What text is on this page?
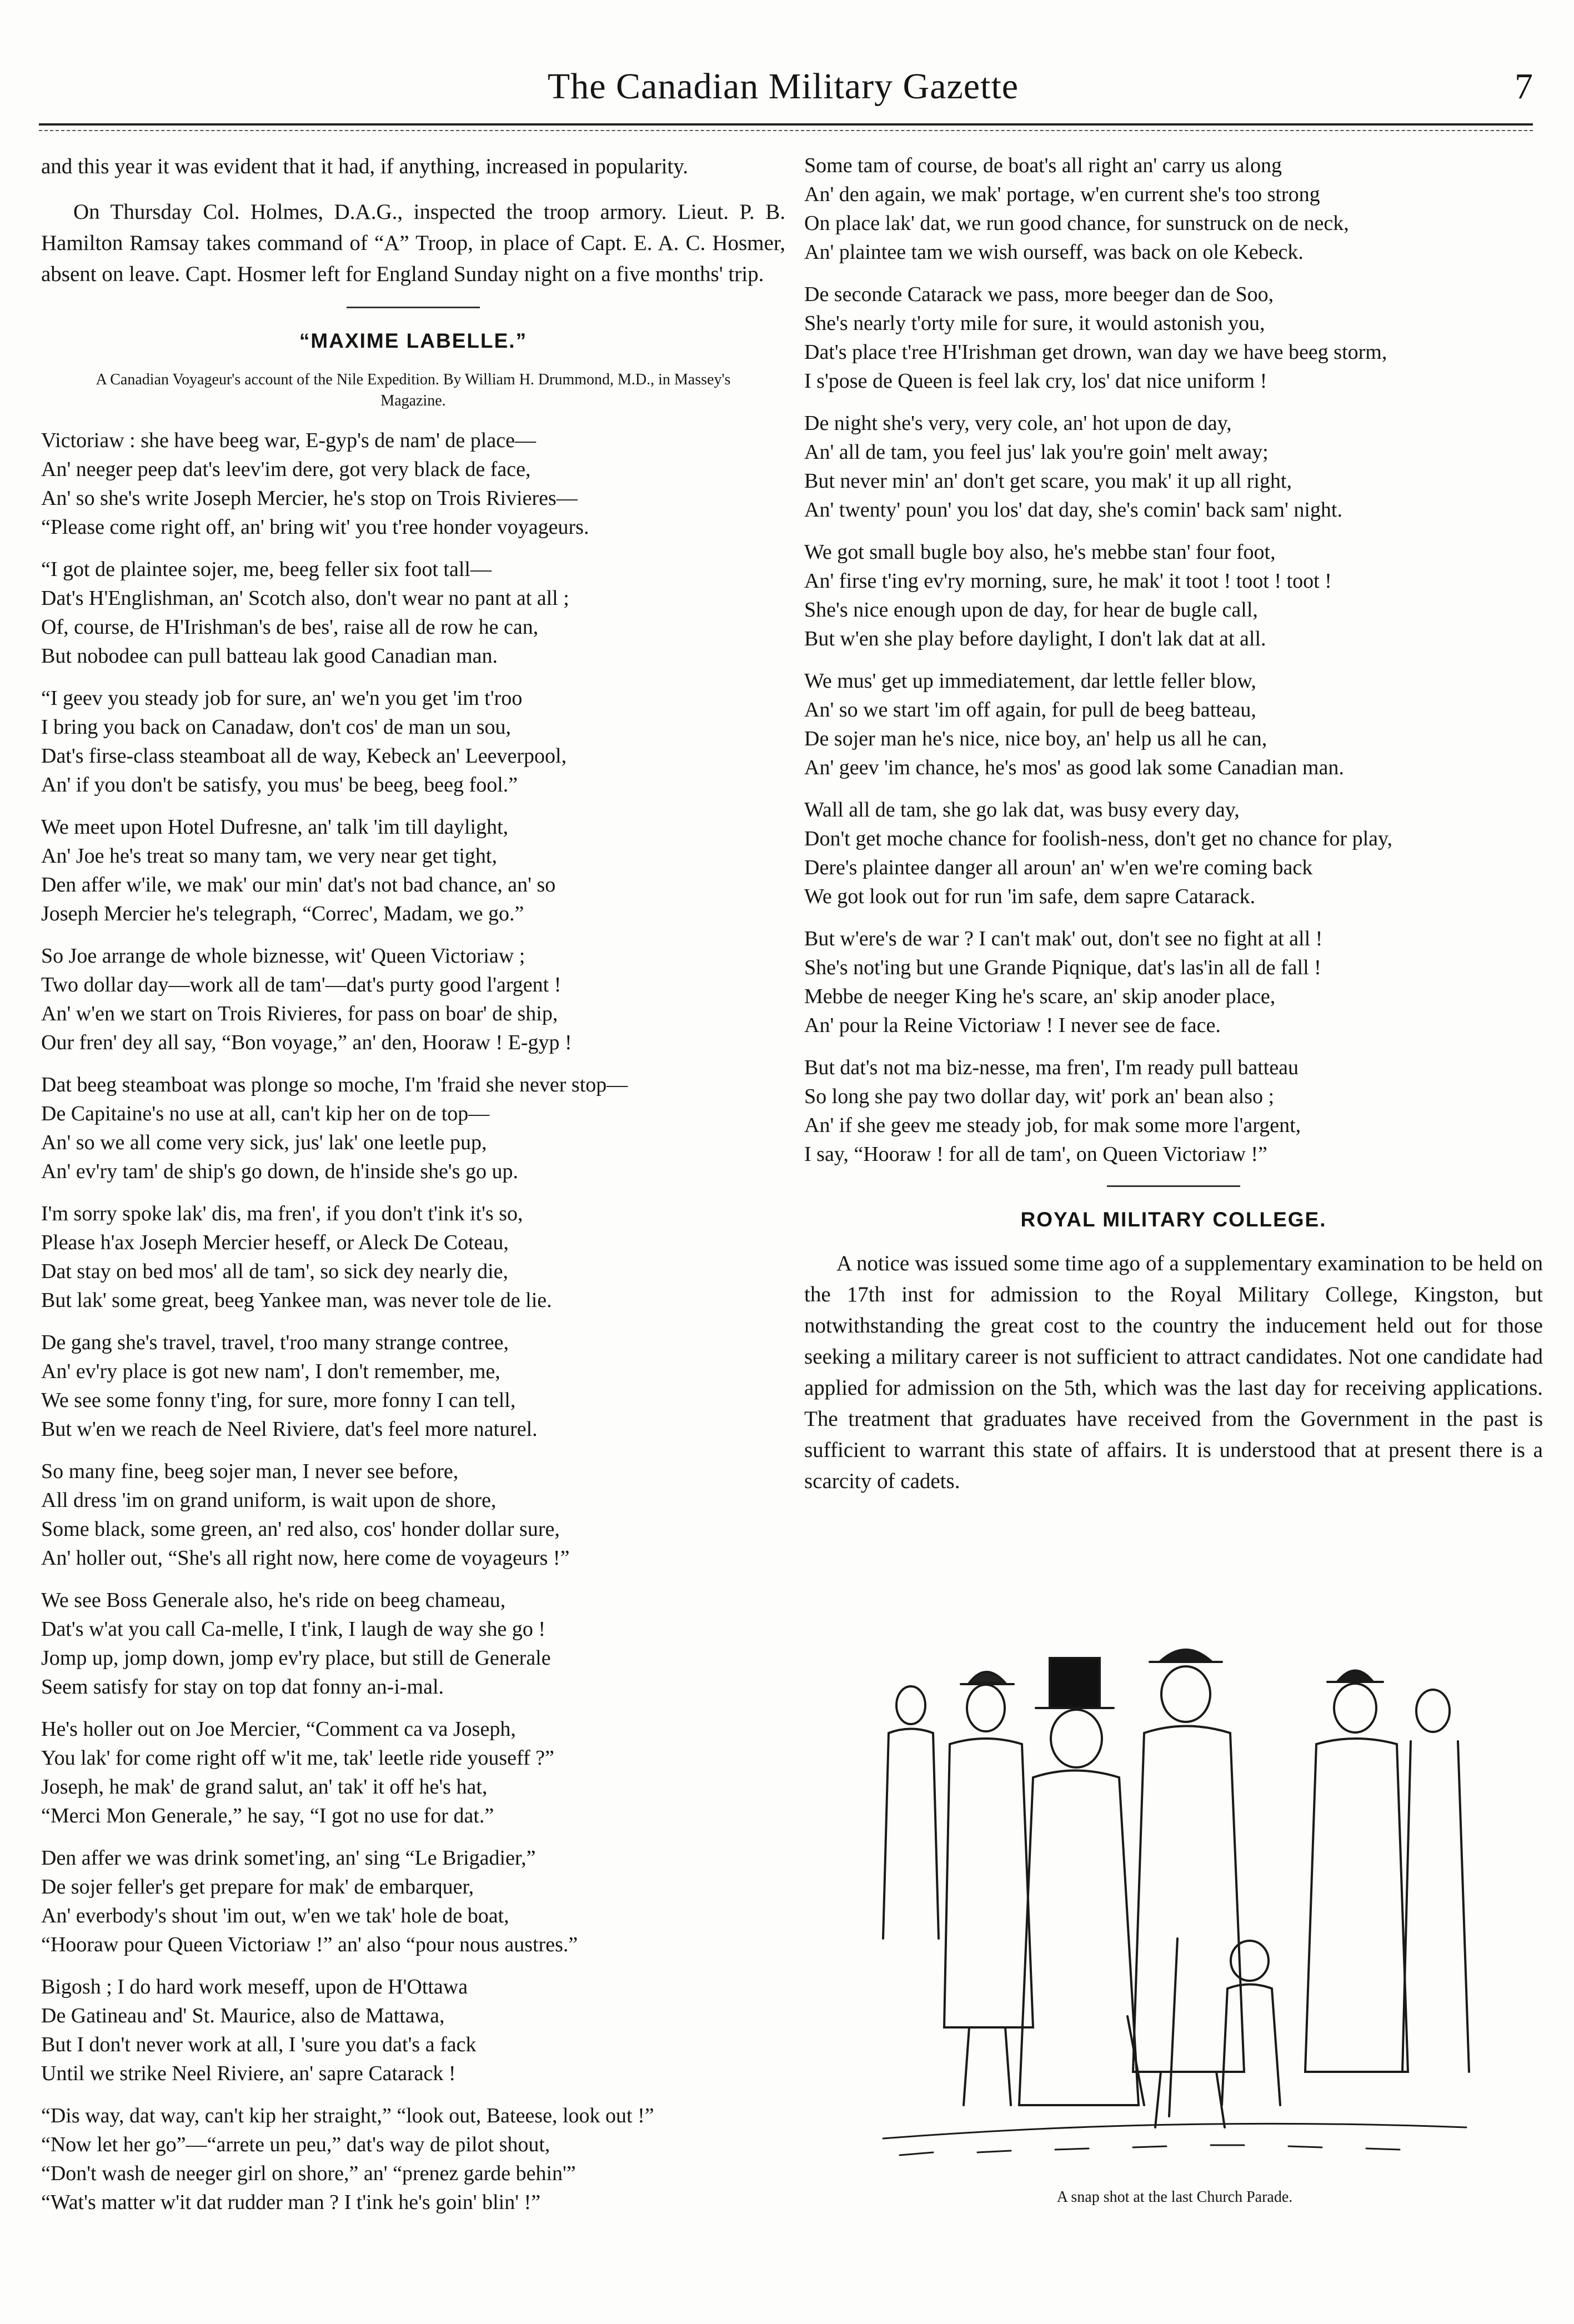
The Canadian Military Gazette	7

and this year it was evident that it had, if anything, increased in popularity.

On Thursday Col. Holmes, D.A.G., inspected the troop armory. Lieut. P. B. Hamilton Ramsay takes command of “A” Troop, in place of Capt. E. A. C. Hosmer, absent on leave. Capt. Hosmer left for England Sunday night on a five months' trip.

“MAXIME LABELLE.”
A Canadian Voyageur's account of the Nile Expedition. By William H. Drummond, M.D., in Massey's Magazine.
Victoriaw : she have beeg war, E-gyp's de nam' de place—
An' neeger peep dat's leev'im dere, got very black de face,
An' so she's write Joseph Mercier, he's stop on Trois Rivieres—
“Please come right off, an' bring wit' you t'ree honder voyageurs.
“I got de plaintee sojer, me, beeg feller six foot tall—
Dat's H'Englishman, an' Scotch also, don't wear no pant at all ;
Of, course, de H'Irishman's de bes', raise all de row he can,
But nobodee can pull batteau lak good Canadian man.
“I geev you steady job for sure, an' we'n you get 'im t'roo
I bring you back on Canadaw, don't cos' de man un sou,
Dat's firse-class steamboat all de way, Kebeck an' Leeverpool,
An' if you don't be satisfy, you mus' be beeg, beeg fool.”
We meet upon Hotel Dufresne, an' talk 'im till daylight,
An' Joe he's treat so many tam, we very near get tight,
Den affer w'ile, we mak' our min' dat's not bad chance, an' so
Joseph Mercier he's telegraph, “Correc', Madam, we go.”
So Joe arrange de whole biznesse, wit' Queen Victoriaw ;
Two dollar day—work all de tam'—dat's purty good l'argent !
An' w'en we start on Trois Rivieres, for pass on boar' de ship,
Our fren' dey all say, “Bon voyage,” an' den, Hooraw ! E-gyp !
Dat beeg steamboat was plonge so moche, I'm 'fraid she never stop—
De Capitaine's no use at all, can't kip her on de top—
An' so we all come very sick, jus' lak' one leetle pup,
An' ev'ry tam' de ship's go down, de h'inside she's go up.
I'm sorry spoke lak' dis, ma fren', if you don't t'ink it's so,
Please h'ax Joseph Mercier heseff, or Aleck De Coteau,
Dat stay on bed mos' all de tam', so sick dey nearly die,
But lak' some great, beeg Yankee man, was never tole de lie.
De gang she's travel, travel, t'roo many strange contree,
An' ev'ry place is got new nam', I don't remember, me,
We see some fonny t'ing, for sure, more fonny I can tell,
But w'en we reach de Neel Riviere, dat's feel more naturel.
So many fine, beeg sojer man, I never see before,
All dress 'im on grand uniform, is wait upon de shore,
Some black, some green, an' red also, cos' honder dollar sure,
An' holler out, “She's all right now, here come de voyageurs !”
We see Boss Generale also, he's ride on beeg chameau,
Dat's w'at you call Ca-melle, I t'ink, I laugh de way she go !
Jomp up, jomp down, jomp ev'ry place, but still de Generale
Seem satisfy for stay on top dat fonny an-i-mal.
He's holler out on Joe Mercier, “Comment ca va Joseph,
You lak' for come right off w'it me, tak' leetle ride youseff ?”
Joseph, he mak' de grand salut, an' tak' it off he's hat,
“Merci Mon Generale,” he say, “I got no use for dat.”
Den affer we was drink somet'ing, an' sing “Le Brigadier,”
De sojer feller's get prepare for mak' de embarquer,
An' everbody's shout 'im out, w'en we tak' hole de boat,
“Hooraw pour Queen Victoriaw !” an' also “pour nous austres.”
Bigosh ; I do hard work meseff, upon de H'Ottawa
De Gatineau and' St. Maurice, also de Mattawa,
But I don't never work at all, I 'sure you dat's a fack
Until we strike Neel Riviere, an' sapre Catarack !
“Dis way, dat way, can't kip her straight,” “look out, Bateese, look out !”
“Now let her go”—“arrete un peu,” dat's way de pilot shout,
“Don't wash de neeger girl on shore,” an' “prenez garde behin'”
“Wat's matter w'it dat rudder man ? I t'ink he's goin' blin' !”
Some tam of course, de boat's all right an' carry us along
An' den again, we mak' portage, w'en current she's too strong
On place lak' dat, we run good chance, for sunstruck on de neck,
An' plaintee tam we wish ourseff, was back on ole Kebeck.
De seconde Catarack we pass, more beeger dan de Soo,
She's nearly t'orty mile for sure, it would astonish you,
Dat's place t'ree H'Irishman get drown, wan day we have beeg storm,
I s'pose de Queen is feel lak cry, los' dat nice uniform !
De night she's very, very cole, an' hot upon de day,
An' all de tam, you feel jus' lak you're goin' melt away;
But never min' an' don't get scare, you mak' it up all right,
An' twenty' poun' you los' dat day, she's comin' back sam' night.
We got small bugle boy also, he's mebbe stan' four foot,
An' firse t'ing ev'ry morning, sure, he mak' it toot ! toot ! toot !
She's nice enough upon de day, for hear de bugle call,
But w'en she play before daylight, I don't lak dat at all.
We mus' get up immediatement, dar lettle feller blow,
An' so we start 'im off again, for pull de beeg batteau,
De sojer man he's nice, nice boy, an' help us all he can,
An' geev 'im chance, he's mos' as good lak some Canadian man.
Wall all de tam, she go lak dat, was busy every day,
Don't get moche chance for foolish-ness, don't get no chance for play,
Dere's plaintee danger all aroun' an' w'en we're coming back
We got look out for run 'im safe, dem sapre Catarack.
But w'ere's de war ? I can't mak' out, don't see no fight at all !
She's not'ing but une Grande Piqnique, dat's las'in all de fall !
Mebbe de neeger King he's scare, an' skip anoder place,
An' pour la Reine Victoriaw ! I never see de face.
But dat's not ma biz-nesse, ma fren', I'm ready pull batteau
So long she pay two dollar day, wit' pork an' bean also ;
An' if she geev me steady job, for mak some more l'argent,
I say, “Hooraw ! for all de tam', on Queen Victoriaw !”
ROYAL MILITARY COLLEGE.

A notice was issued some time ago of a supplementary examination to be held on the 17th inst for admission to the Royal Military College, Kingston, but notwithstanding the great cost to the country the inducement held out for those seeking a military career is not sufficient to attract candidates. Not one candidate had applied for admission on the 5th, which was the last day for receiving applications. The treatment that graduates have received from the Government in the past is sufficient to warrant this state of affairs. It is understood that at present there is a scarcity of cadets.

A snap shot at the last Church Parade.
